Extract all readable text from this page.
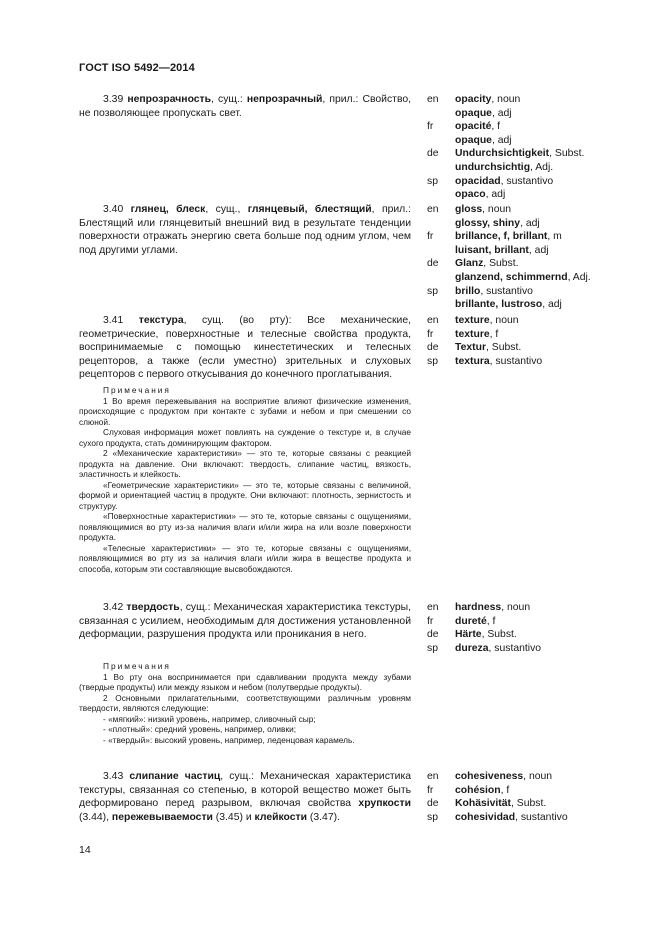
ГОСТ ISO 5492—2014

3.39 непрозрачность, сущ.: непрозрачный, прил.: Свойство, не позволяющее пропускать свет.

en	opacity, noun
opaque, adj
fr	opacité, f
opaque, adj
de	Undurchsichtigkeit, Subst.
undurchsichtig, Adj.
sp	opacidad, sustantivo
opaco, adj

3.40 глянец, блеск, сущ., глянцевый, блестящий, прил.: Блестящий или глянцевитый внешний вид в результате тенденции поверхности отражать энергию света больше под одним углом, чем под другими углами.

en	gloss, noun
glossy, shiny, adj
fr	brillance, f, brillant, m
luisant, brillant, adj
de	Glanz, Subst.
glanzend, schimmernd, Adj.
sp	brillo, sustantivo
brillante, lustroso, adj

3.41 текстура, сущ. (во рту): Все механические, геометрические, поверхностные и телесные свойства продукта, воспринимаемые с помощью кинестетических и телесных рецепторов, а также (если уместно) зрительных и слуховых рецепторов с первого откусывания до конечного проглатывания.

en	texture, noun
fr	texture, f
de	Textur, Subst.
sp	textura, sustantivo

Примечания

1 Во время пережевывания на восприятие влияют физические изменения, происходящие с продуктом при контакте с зубами и небом и при смешении со слюной.

Слуховая информация может повлиять на суждение о текстуре и, в случае сухого продукта, стать доминирующим фактором.

2 «Механические характеристики» — это те, которые связаны с реакцией продукта на давление. Они включают: твердость, слипание частиц, вязкость, эластичность и клейкость.

«Геометрические характеристики» — это те, которые связаны с величиной, формой и ориентацией частиц в продукте. Они включают: плотность, зернистость и структуру.

«Поверхностные характеристики» — это те, которые связаны с ощущениями, появляющимися во рту из-за наличия влаги и/или жира на или возле поверхности продукта.

«Телесные характеристики» — это те, которые связаны с ощущениями, появляющимися во рту из за наличия влаги и/или жира в веществе продукта и способа, которым эти составляющие высвобождаются.

3.42 твердость, сущ.: Механическая характеристика текстуры, связанная с усилием, необходимым для достижения установленной деформации, разрушения продукта или проникания в него.

en	hardness, noun
fr	dureté, f
de	Härte, Subst.
sp	dureza, sustantivo

Примечания

1 Во рту она воспринимается при сдавливании продукта между зубами (твердые продукты) или между языком и небом (полутвердые продукты).

2 Основными прилагательными, соответствующими различным уровням твердости, являются следующие:

- «мягкий»: низкий уровень, например, сливочный сыр;

- «плотный»: средний уровень, например, оливки;

- «твердый»: высокий уровень, например, леденцовая карамель.

3.43 слипание частиц, сущ.: Механическая характеристика текстуры, связанная со степенью, в которой вещество может быть деформировано перед разрывом, включая свойства хрупкости (3.44), пережевываемости (3.45) и клейкости (3.47).

en	cohesiveness, noun
fr	cohésion, f
de	Kohäsivität, Subst.
sp	cohesividad, sustantivo
14
